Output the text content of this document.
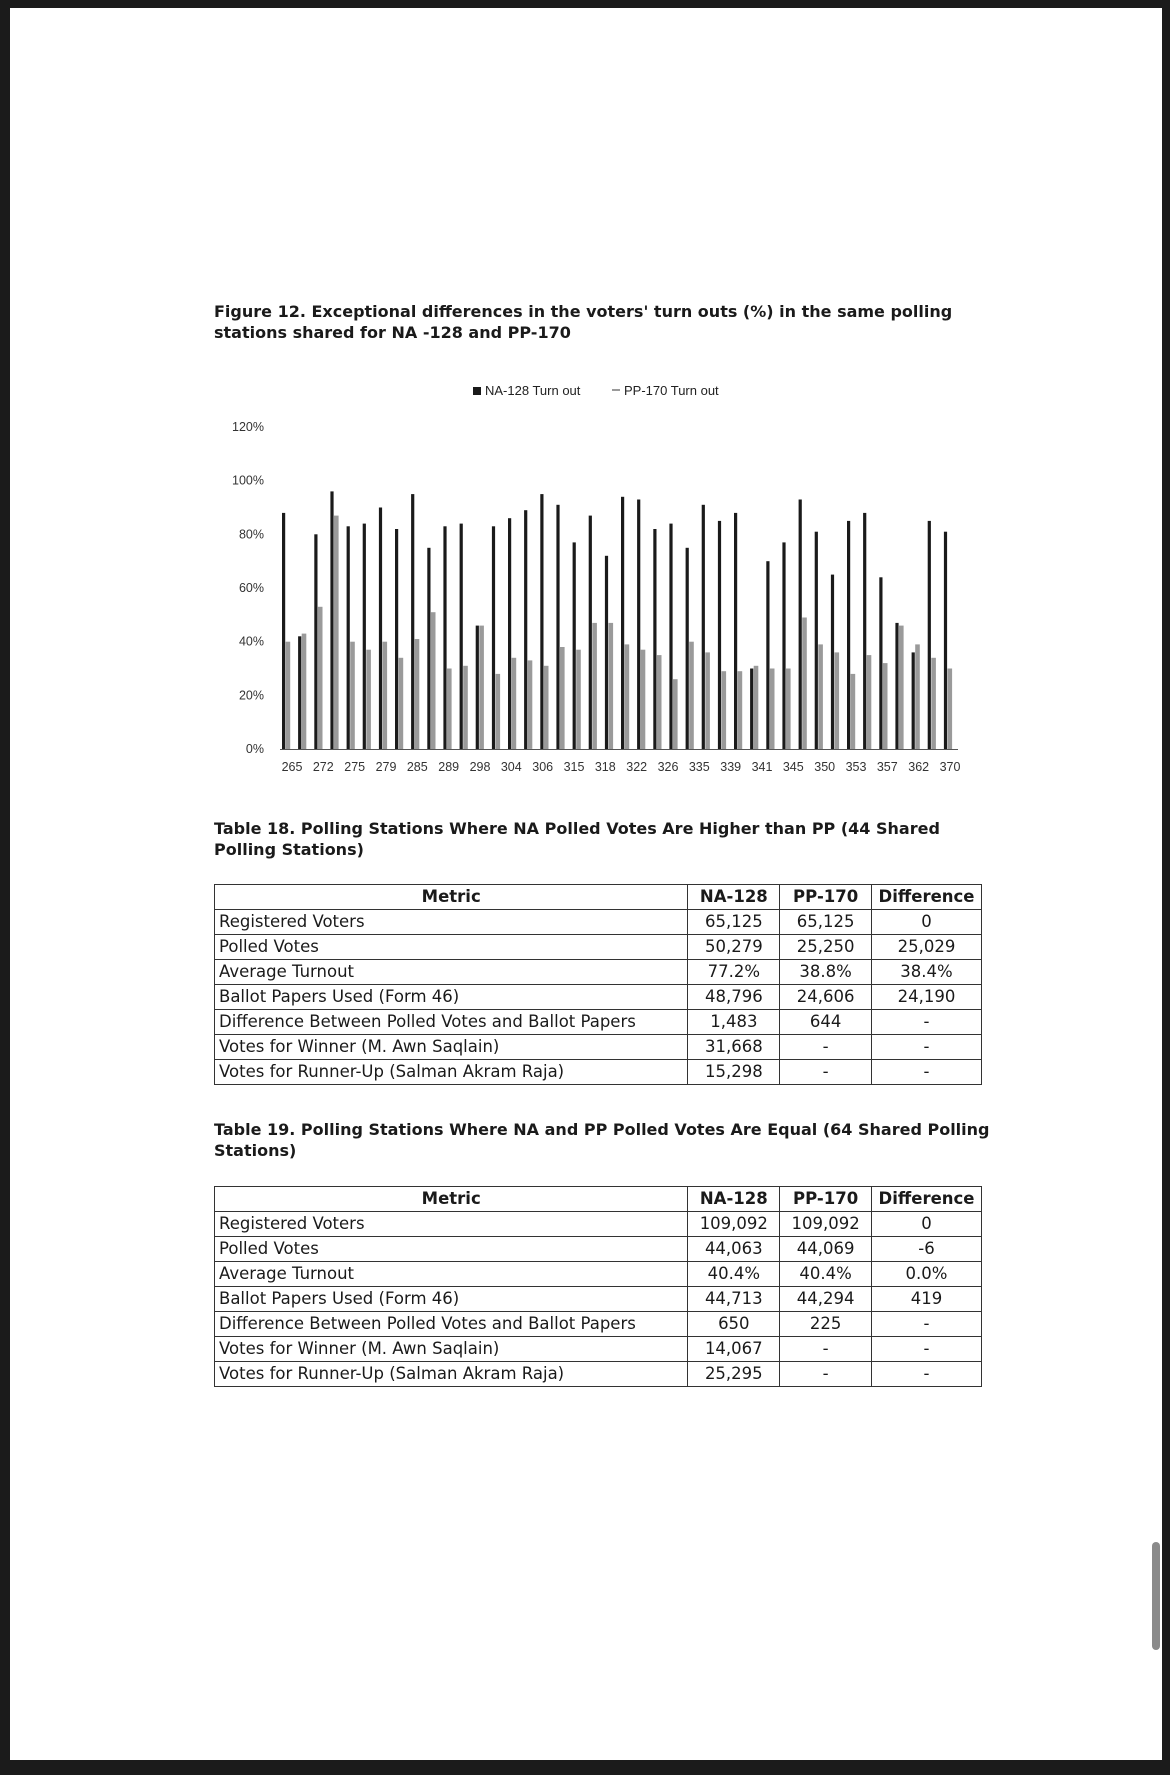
Figure 12. Exceptional differences in the voters' turn outs (%) in the same polling stations shared for NA -128 and PP-170
NA-128 Turn out	PP-170 Turn out
0%
20%
40%
60%
80%
100%
120%
265 272 275 279 285 289 298 304 306 315 318 322 326 335 339 341 345 350 353 357 362 370
Table 18. Polling Stations Where NA Polled Votes Are Higher than PP (44 Shared Polling Stations)
Metric	NA-128	PP-170	Difference
Registered Voters	65,125	65,125	0
Polled Votes	50,279	25,250	25,029
Average Turnout	77.2%	38.8%	38.4%
Ballot Papers Used (Form 46)	48,796	24,606	24,190
Difference Between Polled Votes and Ballot Papers	1,483	644	-
Votes for Winner (M. Awn Saqlain)	31,668	-	-
Votes for Runner-Up (Salman Akram Raja)	15,298	-	-
Table 19. Polling Stations Where NA and PP Polled Votes Are Equal (64 Shared Polling Stations)
Metric	NA-128	PP-170	Difference
Registered Voters	109,092	109,092	0
Polled Votes	44,063	44,069	-6
Average Turnout	40.4%	40.4%	0.0%
Ballot Papers Used (Form 46)	44,713	44,294	419
Difference Between Polled Votes and Ballot Papers	650	225	-
Votes for Winner (M. Awn Saqlain)	14,067	-	-
Votes for Runner-Up (Salman Akram Raja)	25,295	-	-
